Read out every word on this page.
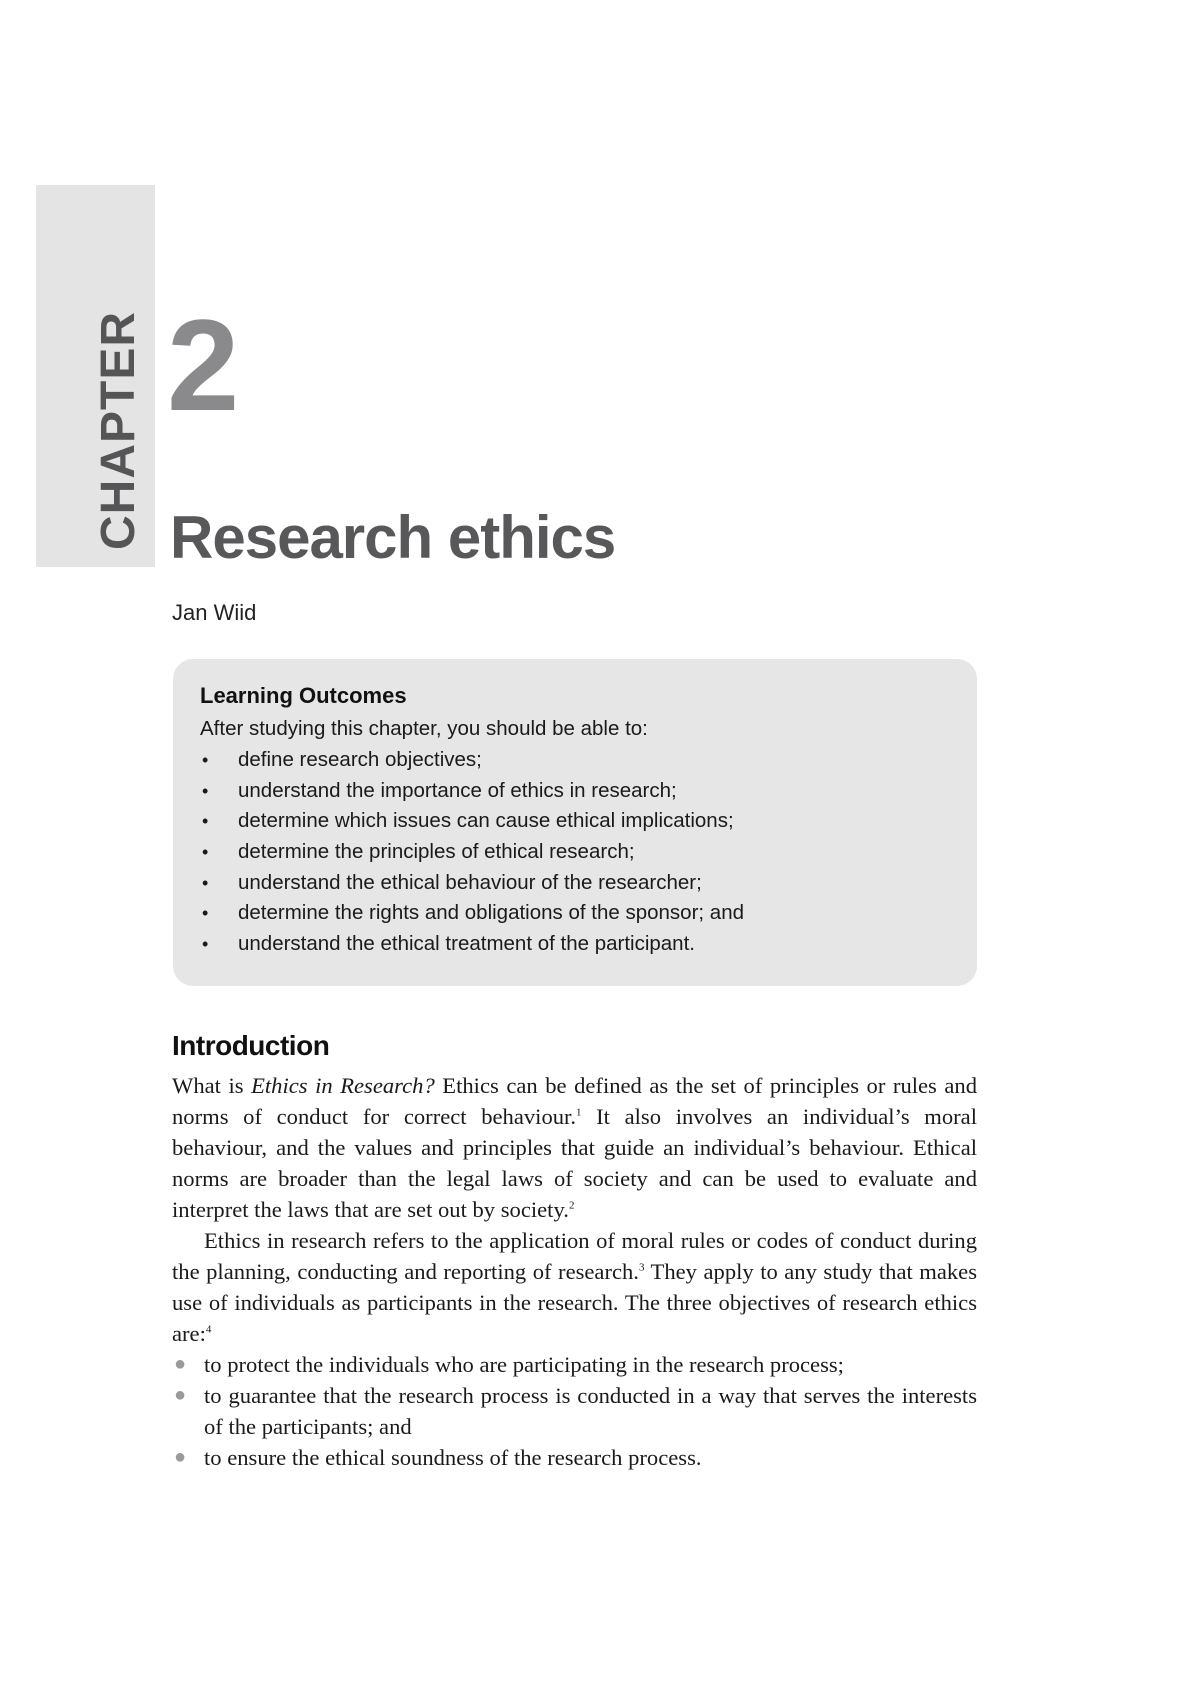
CHAPTER 2
Research ethics
Jan Wiid
Learning Outcomes
After studying this chapter, you should be able to:
• define research objectives;
• understand the importance of ethics in research;
• determine which issues can cause ethical implications;
• determine the principles of ethical research;
• understand the ethical behaviour of the researcher;
• determine the rights and obligations of the sponsor; and
• understand the ethical treatment of the participant.
Introduction

What is Ethics in Research? Ethics can be defined as the set of principles or rules and norms of conduct for correct behaviour.$^1$ It also involves an individual’s moral behaviour, and the values and principles that guide an individual’s behaviour. Ethical norms are broader than the legal laws of society and can be used to evaluate and interpret the laws that are set out by society.$^2$

Ethics in research refers to the application of moral rules or codes of conduct during the planning, conducting and reporting of research.$^3$ They apply to any study that makes use of individuals as participants in the research. The three objectives of research ethics are:$^4$

● to protect the individuals who are participating in the research process;
● to guarantee that the research process is conducted in a way that serves the interests of the participants; and
● to ensure the ethical soundness of the research process.
